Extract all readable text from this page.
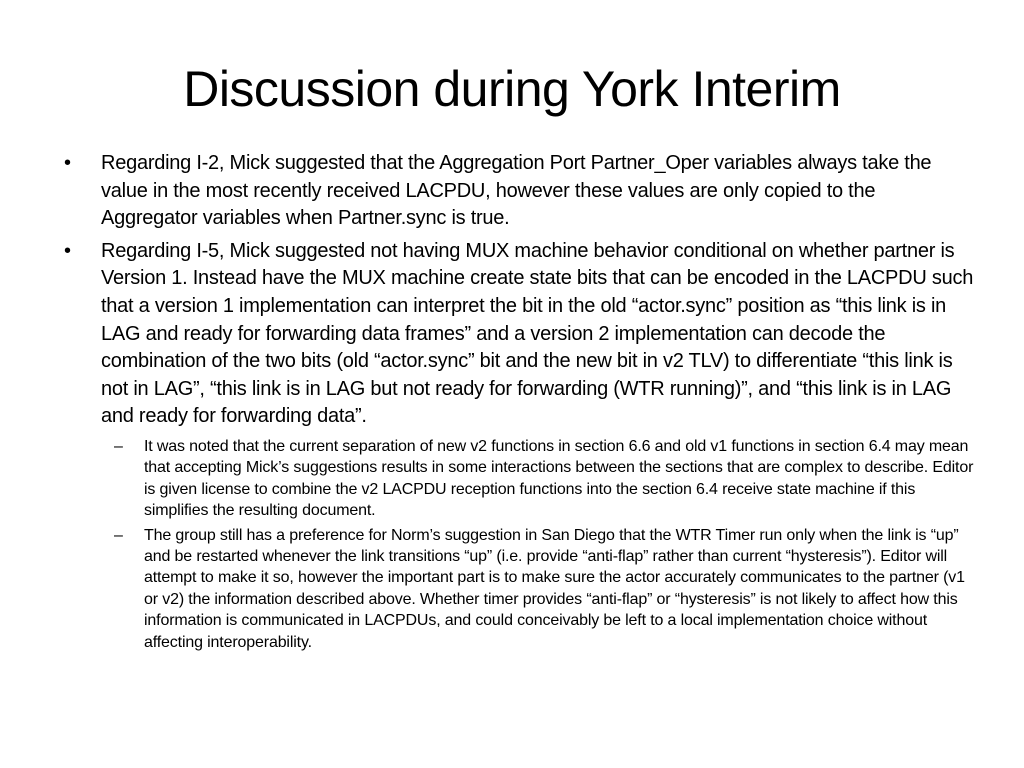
Discussion during York Interim
• Regarding I-2, Mick suggested that the Aggregation Port Partner_Oper variables always take the value in the most recently received LACPDU, however these values are only copied to the Aggregator variables when Partner.sync is true.
• Regarding I-5, Mick suggested not having MUX machine behavior conditional on whether partner is Version 1. Instead have the MUX machine create state bits that can be encoded in the LACPDU such that a version 1 implementation can interpret the bit in the old “actor.sync” position as “this link is in LAG and ready for forwarding data frames” and a version 2 implementation can decode the combination of the two bits (old “actor.sync” bit and the new bit in v2 TLV) to differentiate “this link is not in LAG”, “this link is in LAG but not ready for forwarding (WTR running)”, and “this link is in LAG and ready for forwarding data”.
– It was noted that the current separation of new v2 functions in section 6.6 and old v1 functions in section 6.4 may mean that accepting Mick’s suggestions results in some interactions between the sections that are complex to describe. Editor is given license to combine the v2 LACPDU reception functions into the section 6.4 receive state machine if this simplifies the resulting document.
– The group still has a preference for Norm’s suggestion in San Diego that the WTR Timer run only when the link is “up” and be restarted whenever the link transitions “up” (i.e. provide “anti-flap” rather than current “hysteresis”). Editor will attempt to make it so, however the important part is to make sure the actor accurately communicates to the partner (v1 or v2) the information described above. Whether timer provides “anti-flap” or “hysteresis” is not likely to affect how this information is communicated in LACPDUs, and could conceivably be left to a local implementation choice without affecting interoperability.
